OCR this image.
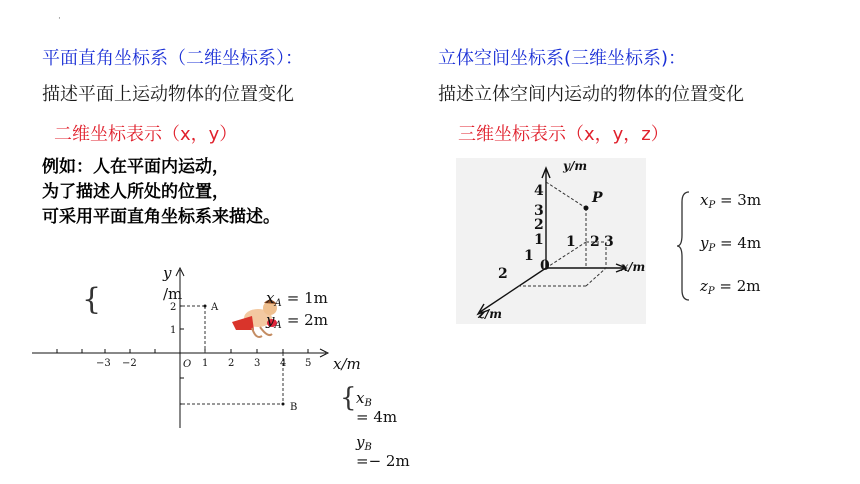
·
平面直角坐标系（二维坐标系）：
描述平面上运动物体的位置变化
二维坐标表示（x，y）
例如：人在平面内运动，
为了描述人所处的位置，
可采用平面直角坐标系来描述。
{
y
/m
x/m
O
−3 −2	1 2 3 4 5
2
1
A
B
$x_A = 1m$
$y_A = 2m$
{ $x_B$
= 4m
$y_B$
=− 2m
立体空间坐标系(三维坐标系)：
描述立体空间内运动的物体的位置变化
三维坐标表示（x，y，z）
y/m
x/m
z/m
P
0
4
3
2
1 1 2 3
1
2
$x_P = 3m$
$y_P = 4m$
$z_P = 2m$
